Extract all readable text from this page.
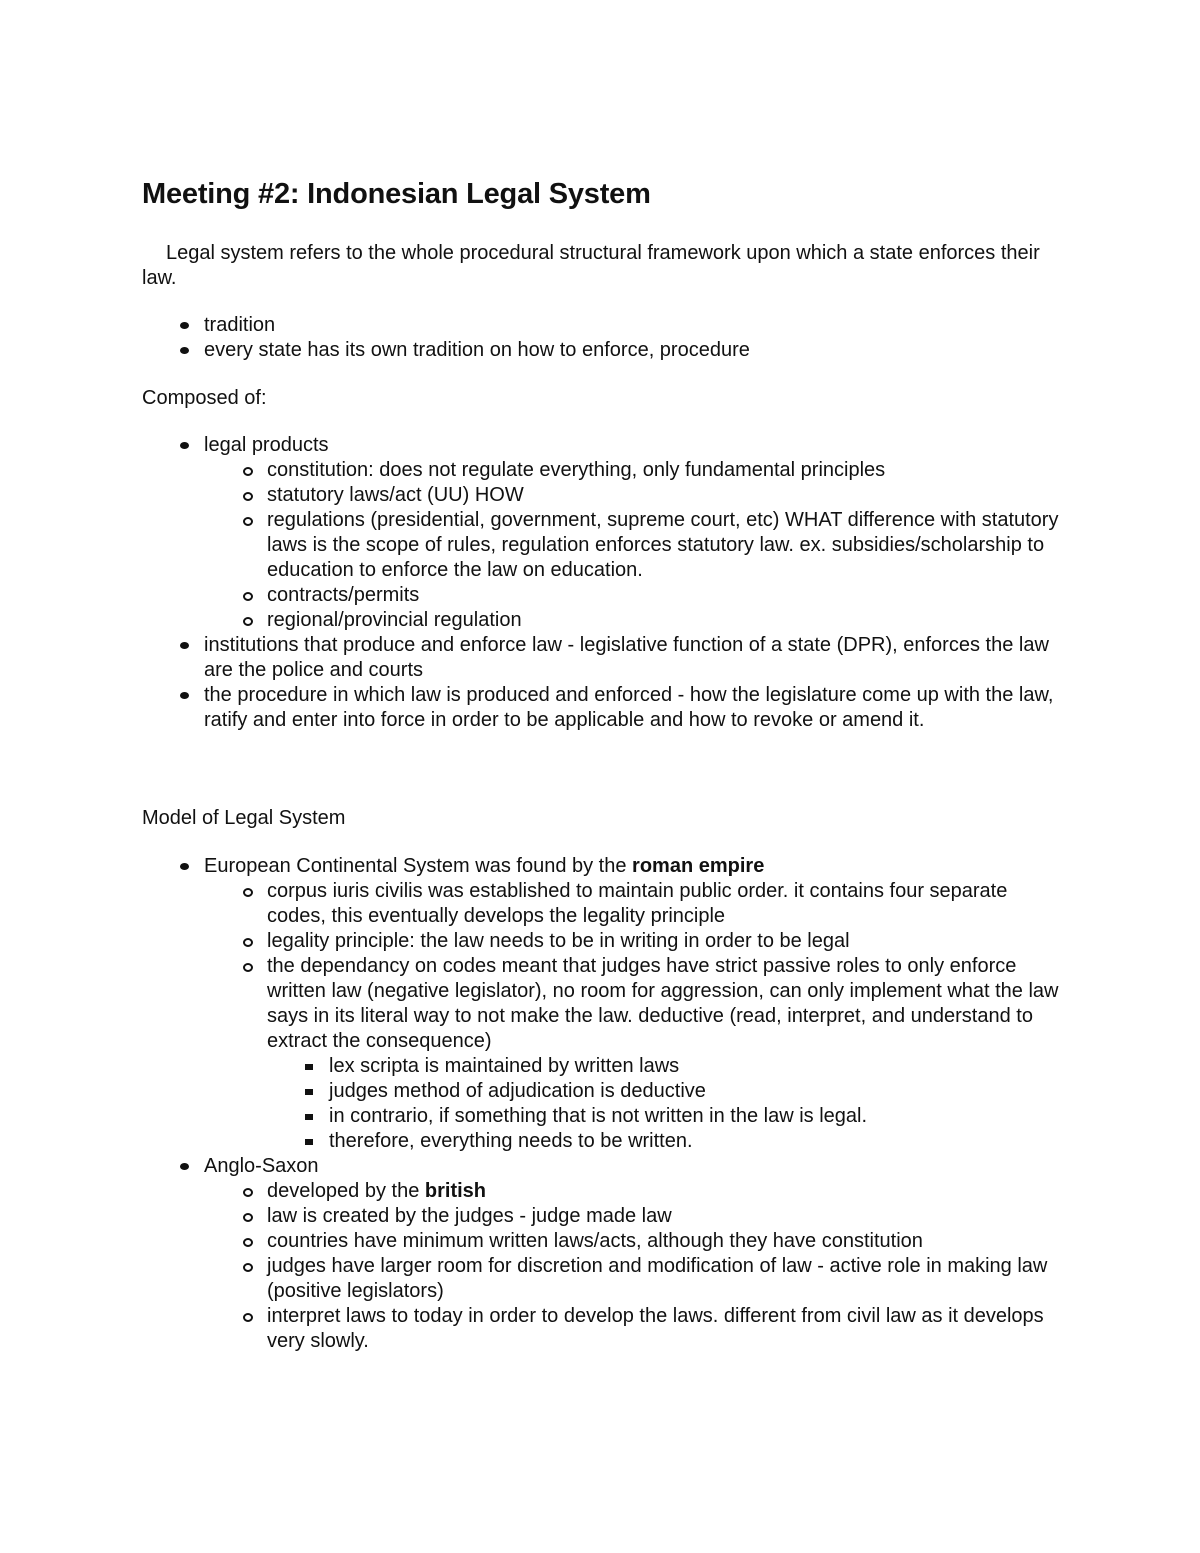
Meeting #2: Indonesian Legal System

Legal system refers to the whole procedural structural framework upon which a state enforces their law.

tradition
every state has its own tradition on how to enforce, procedure

Composed of:

legal products
constitution: does not regulate everything, only fundamental principles
statutory laws/act (UU) HOW
regulations (presidential, government, supreme court, etc) WHAT difference with statutory laws is the scope of rules, regulation enforces statutory law. ex. subsidies/scholarship to education to enforce the law on education.
contracts/permits
regional/provincial regulation
institutions that produce and enforce law - legislative function of a state (DPR), enforces the law are the police and courts
the procedure in which law is produced and enforced - how the legislature come up with the law, ratify and enter into force in order to be applicable and how to revoke or amend it.

Model of Legal System

European Continental System was found by the roman empire
corpus iuris civilis was established to maintain public order. it contains four separate codes, this eventually develops the legality principle
legality principle: the law needs to be in writing in order to be legal
the dependancy on codes meant that judges have strict passive roles to only enforce written law (negative legislator), no room for aggression, can only implement what the law says in its literal way to not make the law. deductive (read, interpret, and understand to extract the consequence)
lex scripta is maintained by written laws
judges method of adjudication is deductive
in contrario, if something that is not written in the law is legal.
therefore, everything needs to be written.
Anglo-Saxon
developed by the british
law is created by the judges - judge made law
countries have minimum written laws/acts, although they have constitution
judges have larger room for discretion and modification of law - active role in making law (positive legislators)
interpret laws to today in order to develop the laws. different from civil law as it develops very slowly.
